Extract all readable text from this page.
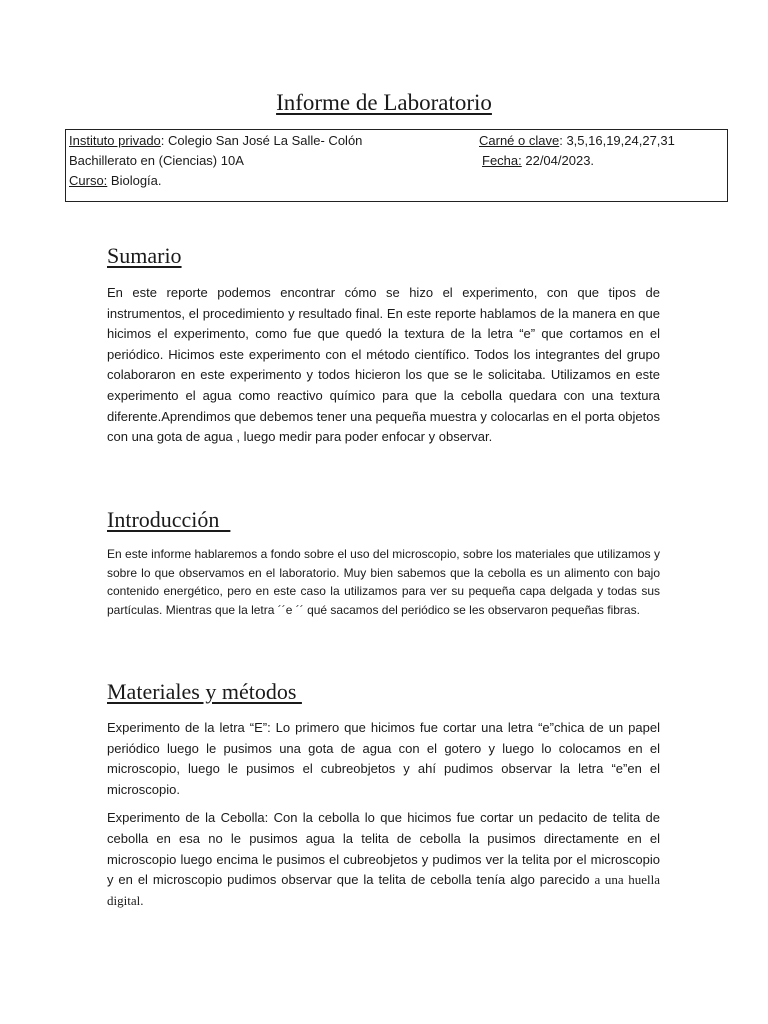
Informe de Laboratorio
Instituto privado: Colegio San José La Salle- Colón
Bachillerato en (Ciencias) 10A
Curso: Biología.
Carné o clave: 3,5,16,19,24,27,31
Fecha: 22/04/2023.
Sumario

En este reporte podemos encontrar cómo se hizo el experimento, con que tipos de instrumentos, el procedimiento y resultado final. En este reporte hablamos de la manera en que hicimos el experimento, como fue que quedó la textura de la letra “e” que cortamos en el periódico. Hicimos este experimento con el método científico. Todos los integrantes del grupo colaboraron en este experimento y todos hicieron los que se le solicitaba. Utilizamos en este experimento el agua como reactivo químico para que la cebolla quedara con una textura diferente.Aprendimos que debemos tener una pequeña muestra y colocarlas en el porta objetos con una gota de agua , luego medir para poder enfocar y observar.

Introducción

En este informe hablaremos a fondo sobre el uso del microscopio, sobre los materiales que utilizamos y sobre lo que observamos en el laboratorio. Muy bien sabemos que la cebolla es un alimento con bajo contenido energético, pero en este caso la utilizamos para ver su pequeña capa delgada y todas sus partículas. Mientras que la letra ´´e ´´ qué sacamos del periódico se les observaron pequeñas fibras.

Materiales y métodos

Experimento de la letra “E”: Lo primero que hicimos fue cortar una letra “e”chica de un papel periódico luego le pusimos una gota de agua con el gotero y luego lo colocamos en el microscopio, luego le pusimos el cubreobjetos y ahí pudimos observar la letra “e”en el microscopio.

Experimento de la Cebolla: Con la cebolla lo que hicimos fue cortar un pedacito de telita de cebolla en esa no le pusimos agua la telita de cebolla la pusimos directamente en el microscopio luego encima le pusimos el cubreobjetos y pudimos ver la telita por el microscopio y en el microscopio pudimos observar que la telita de cebolla tenía algo parecido a una huella digital.
